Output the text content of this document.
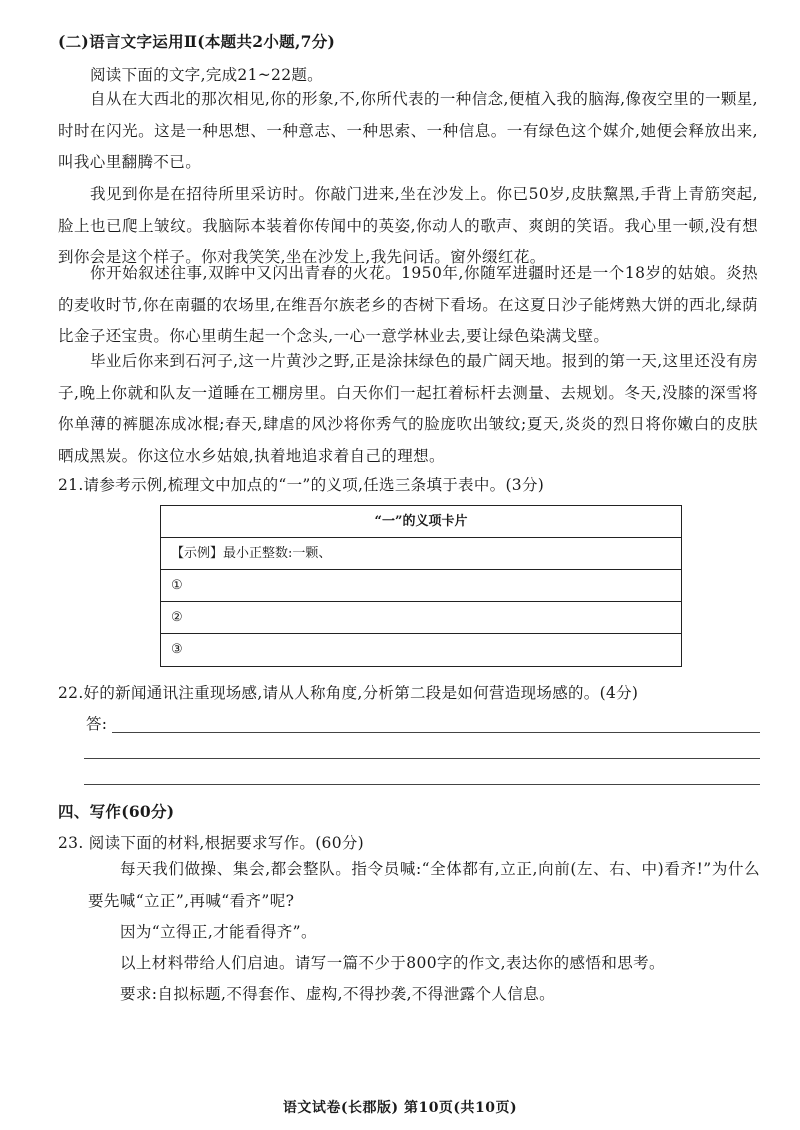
(二)语言文字运用Ⅱ(本题共2小题,7分)
阅读下面的文字,完成21~22题。
自从在大西北的那次相见,你的形象,不,你所代表的一种信念,便植入我的脑海,像夜空里的一颗星,时时在闪光。这是一种思想、一种意志、一种思索、一种信息。一有绿色这个媒介,她便会释放出来,叫我心里翻腾不已。
我见到你是在招待所里采访时。你敲门进来,坐在沙发上。你已50岁,皮肤黧黑,手背上青筋突起,脸上也已爬上皱纹。我脑际本装着你传闻中的英姿,你动人的歌声、爽朗的笑语。我心里一顿,没有想到你会是这个样子。你对我笑笑,坐在沙发上,我先问话。窗外缀红花。
你开始叙述往事,双眸中又闪出青春的火花。1950年,你随军进疆时还是一个18岁的姑娘。炎热的麦收时节,你在南疆的农场里,在维吾尔族老乡的杏树下看场。在这夏日沙子能烤熟大饼的西北,绿荫比金子还宝贵。你心里萌生起一个念头,一心一意学林业去,要让绿色染满戈壁。
毕业后你来到石河子,这一片黄沙之野,正是涂抹绿色的最广阔天地。报到的第一天,这里还没有房子,晚上你就和队友一道睡在工棚房里。白天你们一起扛着标杆去测量、去规划。冬天,没膝的深雪将你单薄的裤腿冻成冰棍;春天,肆虐的风沙将你秀气的脸庞吹出皱纹;夏天,炎炎的烈日将你嫩白的皮肤晒成黑炭。你这位水乡姑娘,执着地追求着自己的理想。
21.请参考示例,梳理文中加点的“一”的义项,任选三条填于表中。(3分)
“一”的义项卡片
【示例】最小正整数:一颗、
①
②
③
22.好的新闻通讯注重现场感,请从人称角度,分析第二段是如何营造现场感的。(4分)
答:
四、写作(60分)
23. 阅读下面的材料,根据要求写作。(60分)
每天我们做操、集会,都会整队。指令员喊:“全体都有,立正,向前(左、右、中)看齐!”为什么要先喊“立正”,再喊“看齐”呢?
因为“立得正,才能看得齐”。
以上材料带给人们启迪。请写一篇不少于800字的作文,表达你的感悟和思考。
要求:自拟标题,不得套作、虚构,不得抄袭,不得泄露个人信息。
语文试卷(长郡版) 第10页(共10页)
